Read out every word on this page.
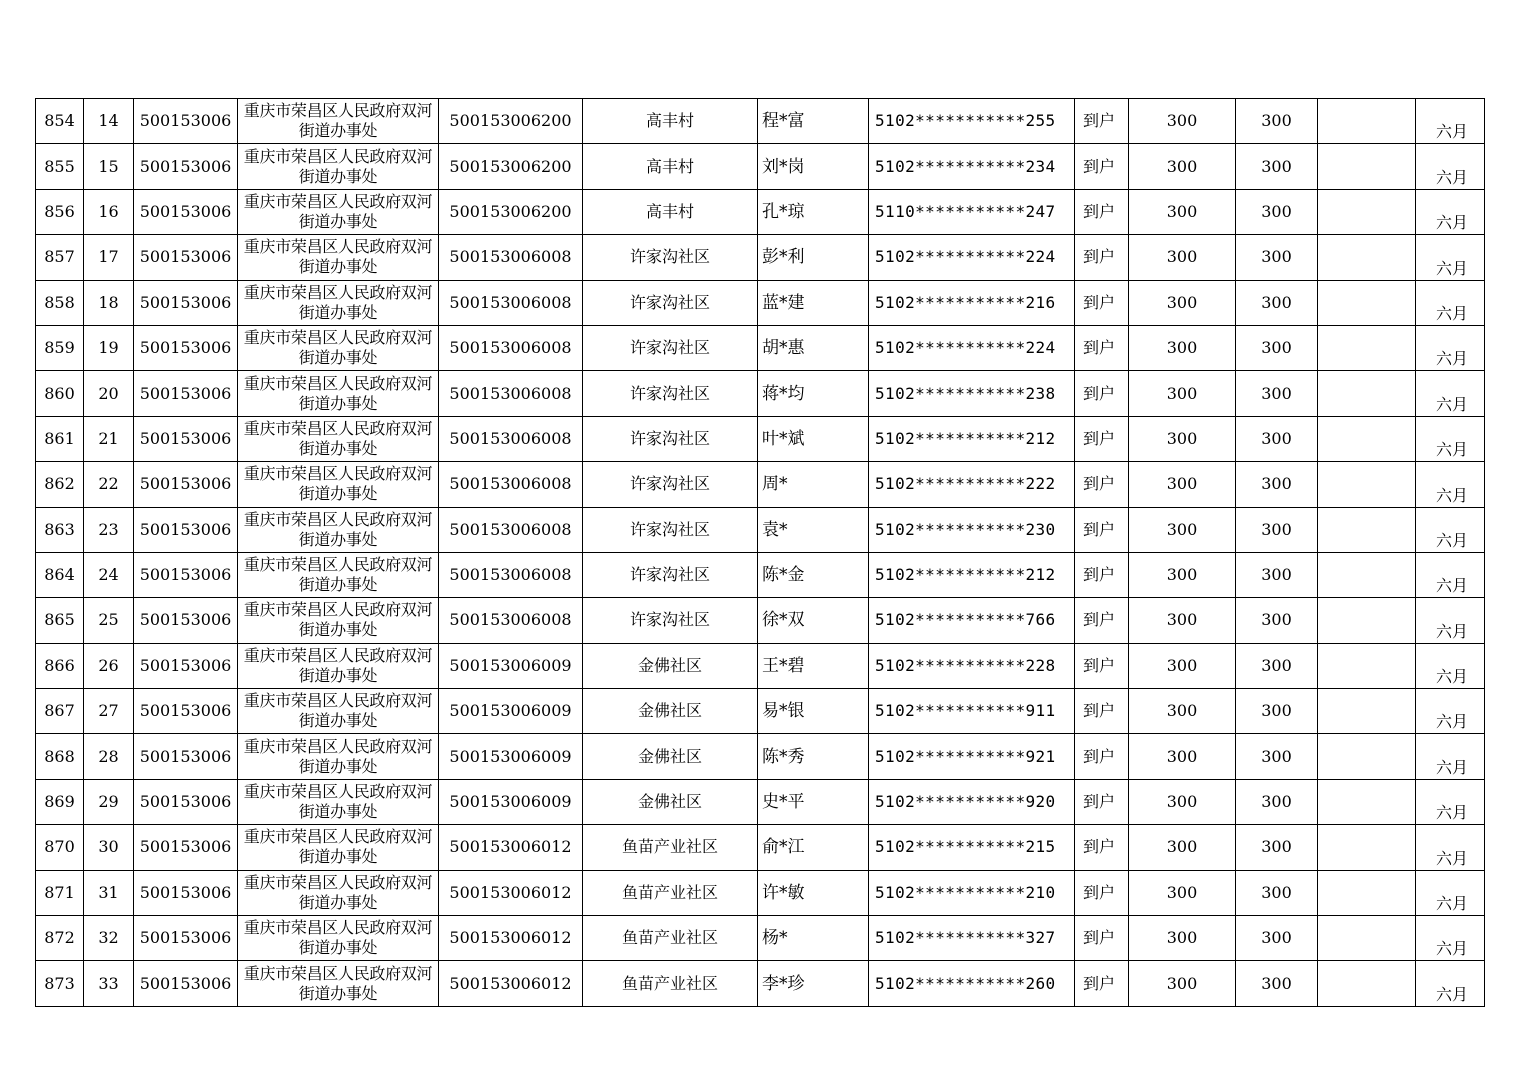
854	14	500153006	重庆市荣昌区人民政府双河街道办事处	500153006200	高丰村	程*富	5102***********255	到户	300	300		六月
855	15	500153006	重庆市荣昌区人民政府双河街道办事处	500153006200	高丰村	刘*岗	5102***********234	到户	300	300		六月
856	16	500153006	重庆市荣昌区人民政府双河街道办事处	500153006200	高丰村	孔*琼	5110***********247	到户	300	300		六月
857	17	500153006	重庆市荣昌区人民政府双河街道办事处	500153006008	许家沟社区	彭*利	5102***********224	到户	300	300		六月
858	18	500153006	重庆市荣昌区人民政府双河街道办事处	500153006008	许家沟社区	蓝*建	5102***********216	到户	300	300		六月
859	19	500153006	重庆市荣昌区人民政府双河街道办事处	500153006008	许家沟社区	胡*惠	5102***********224	到户	300	300		六月
860	20	500153006	重庆市荣昌区人民政府双河街道办事处	500153006008	许家沟社区	蒋*均	5102***********238	到户	300	300		六月
861	21	500153006	重庆市荣昌区人民政府双河街道办事处	500153006008	许家沟社区	叶*斌	5102***********212	到户	300	300		六月
862	22	500153006	重庆市荣昌区人民政府双河街道办事处	500153006008	许家沟社区	周*	5102***********222	到户	300	300		六月
863	23	500153006	重庆市荣昌区人民政府双河街道办事处	500153006008	许家沟社区	袁*	5102***********230	到户	300	300		六月
864	24	500153006	重庆市荣昌区人民政府双河街道办事处	500153006008	许家沟社区	陈*金	5102***********212	到户	300	300		六月
865	25	500153006	重庆市荣昌区人民政府双河街道办事处	500153006008	许家沟社区	徐*双	5102***********766	到户	300	300		六月
866	26	500153006	重庆市荣昌区人民政府双河街道办事处	500153006009	金佛社区	王*碧	5102***********228	到户	300	300		六月
867	27	500153006	重庆市荣昌区人民政府双河街道办事处	500153006009	金佛社区	易*银	5102***********911	到户	300	300		六月
868	28	500153006	重庆市荣昌区人民政府双河街道办事处	500153006009	金佛社区	陈*秀	5102***********921	到户	300	300		六月
869	29	500153006	重庆市荣昌区人民政府双河街道办事处	500153006009	金佛社区	史*平	5102***********920	到户	300	300		六月
870	30	500153006	重庆市荣昌区人民政府双河街道办事处	500153006012	鱼苗产业社区	俞*江	5102***********215	到户	300	300		六月
871	31	500153006	重庆市荣昌区人民政府双河街道办事处	500153006012	鱼苗产业社区	许*敏	5102***********210	到户	300	300		六月
872	32	500153006	重庆市荣昌区人民政府双河街道办事处	500153006012	鱼苗产业社区	杨*	5102***********327	到户	300	300		六月
873	33	500153006	重庆市荣昌区人民政府双河街道办事处	500153006012	鱼苗产业社区	李*珍	5102***********260	到户	300	300		六月
